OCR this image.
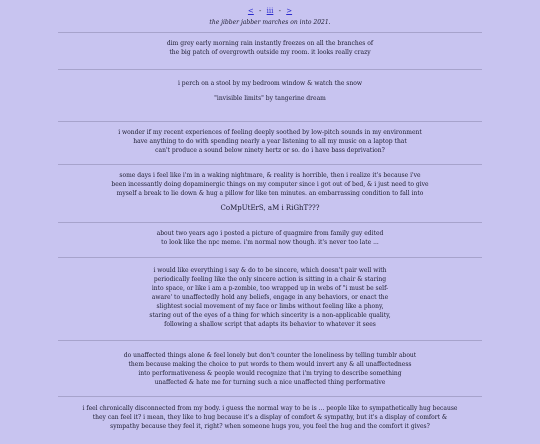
< - iii - >
the jibber jabber marches on into 2021.

dim grey early morning rain instantly freezes on all the branches of

the big patch of overgrowth outside my room. it looks really crazy

i perch on a stool by my bedroom window & watch the snow

"invisible limits" by tangerine dream

i wonder if my recent experiences of feeling deeply soothed by low-pitch sounds in my environment

have anything to do with spending nearly a year listening to all my music on a laptop that

can't produce a sound below ninety hertz or so. do i have bass deprivation?

some days i feel like i'm in a waking nightmare, & reality is horrible, then i realize it's because i've

been incessantly doing dopaminergic things on my computer since i got out of bed, & i just need to give

myself a break to lie down & hug a pillow for like ten minutes. an embarrassing condition to fall into

CoMpUtErS, aM i RiGhT???

about two years ago i posted a picture of quagmire from family guy edited

to look like the npc meme. i'm normal now though. it's never too late ...

i would like everything i say & do to be sincere, which doesn't pair well with

periodically feeling like the only sincere action is sitting in a chair & staring

into space, or like i am a p-zombie, too wrapped up in webs of "i must be self-

aware' to unaffectedly hold any beliefs, engage in any behaviors, or enact the

slightest social movement of my face or limbs without feeling like a phony,

staring out of the eyes of a thing for which sincerity is a non-applicable quality,

following a shallow script that adapts its behavior to whatever it sees

do unaffected things alone & feel lonely but don't counter the loneliness by telling tumblr about

them because making the choice to put words to them would invert any & all unaffectedness

into performativeness & people would recognize that i'm trying to describe something

unaffected & hate me for turning such a nice unaffected thing performative

i feel chronically disconnected from my body. i guess the normal way to be is ... people like to sympathetically hug because

they can feel it? i mean, they like to hug because it's a display of comfort & sympathy, but it's a display of comfort &

sympathy because they feel it, right? when someone hugs you, you feel the hug and the comfort it gives?
